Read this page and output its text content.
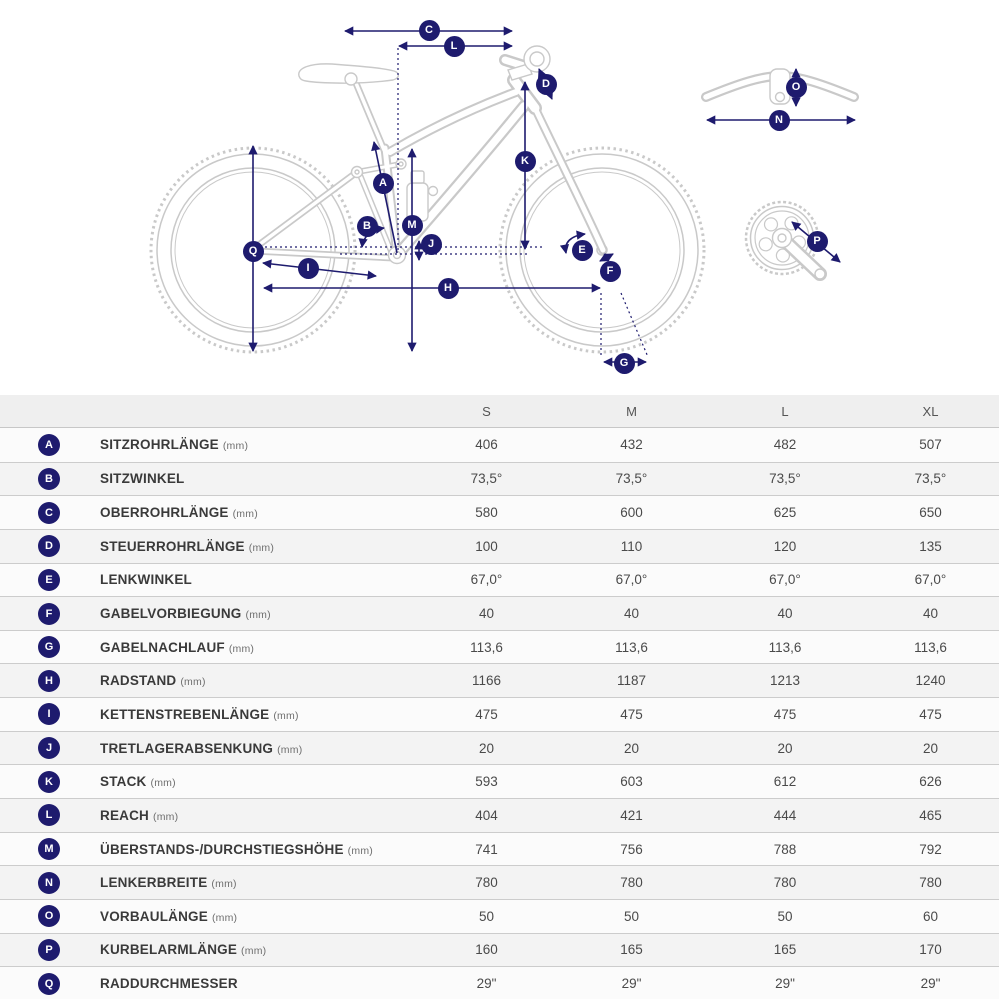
A
B
C
D
E
F
G
H
I
J
K
L
M
N
O
P
Q
S	M	L	XL
A	SITZROHRLÄNGE (mm)	406	432	482	507
B	SITZWINKEL	73,5°	73,5°	73,5°	73,5°
C	OBERROHRLÄNGE (mm)	580	600	625	650
D	STEUERROHRLÄNGE (mm)	100	110	120	135
E	LENKWINKEL	67,0°	67,0°	67,0°	67,0°
F	GABELVORBIEGUNG (mm)	40	40	40	40
G	GABELNACHLAUF (mm)	113,6	113,6	113,6	113,6
H	RADSTAND (mm)	1166	1187	1213	1240
I	KETTENSTREBENLÄNGE (mm)	475	475	475	475
J	TRETLAGERABSENKUNG (mm)	20	20	20	20
K	STACK (mm)	593	603	612	626
L	REACH (mm)	404	421	444	465
M	ÜBERSTANDS-/DURCHSTIEGSHÖHE (mm)	741	756	788	792
N	LENKERBREITE (mm)	780	780	780	780
O	VORBAULÄNGE (mm)	50	50	50	60
P	KURBELARMLÄNGE (mm)	160	165	165	170
Q	RADDURCHMESSER	29"	29"	29"	29"
